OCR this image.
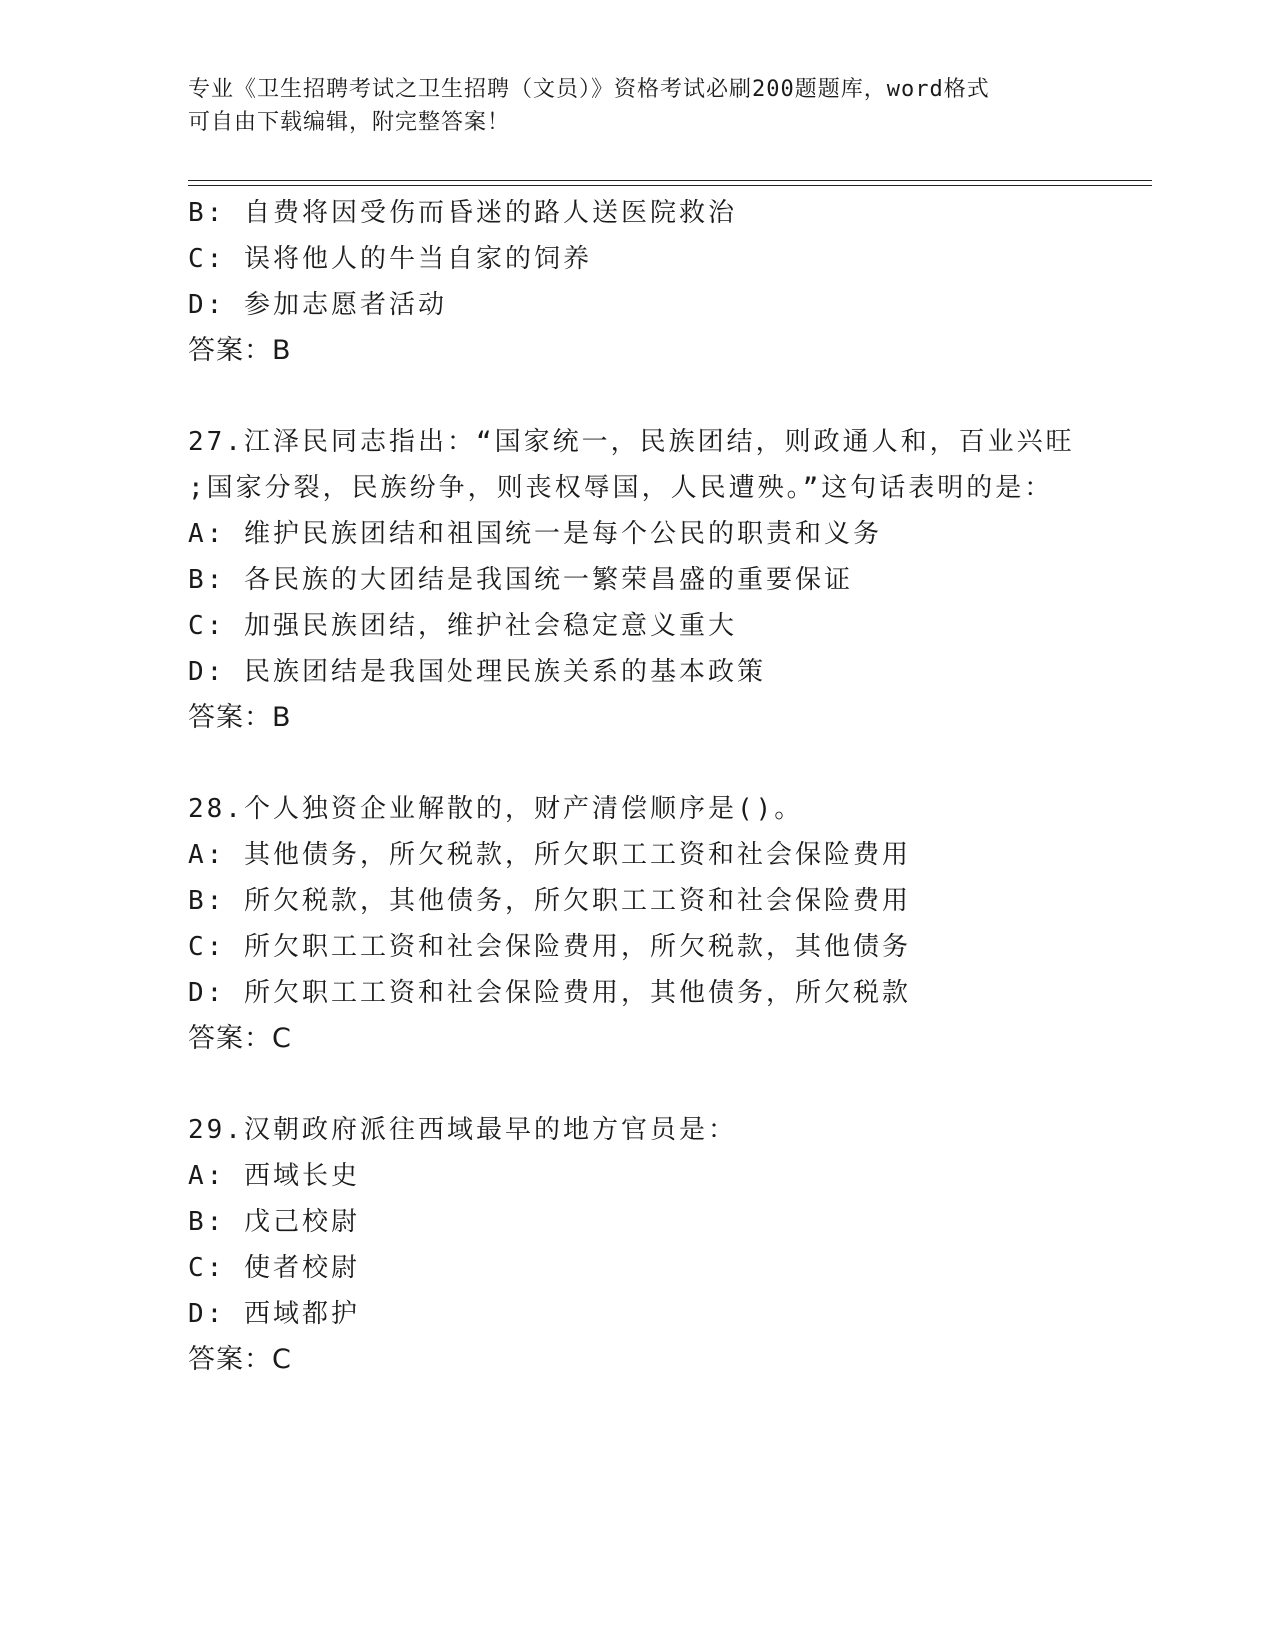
专业《卫生招聘考试之卫生招聘（文员）》资格考试必刷200题题库，word格式
可自由下载编辑，附完整答案！
B: 自费将因受伤而昏迷的路人送医院救治
C: 误将他人的牛当自家的饲养
D: 参加志愿者活动
答案：B
27.江泽民同志指出：“国家统一，民族团结，则政通人和，百业兴旺
;国家分裂，民族纷争，则丧权辱国，人民遭殃。”这句话表明的是：
A: 维护民族团结和祖国统一是每个公民的职责和义务
B: 各民族的大团结是我国统一繁荣昌盛的重要保证
C: 加强民族团结，维护社会稳定意义重大
D: 民族团结是我国处理民族关系的基本政策
答案：B
28.个人独资企业解散的，财产清偿顺序是()。
A: 其他债务，所欠税款，所欠职工工资和社会保险费用
B: 所欠税款，其他债务，所欠职工工资和社会保险费用
C: 所欠职工工资和社会保险费用，所欠税款，其他债务
D: 所欠职工工资和社会保险费用，其他债务，所欠税款
答案：C
29.汉朝政府派往西域最早的地方官员是：
A: 西域长史
B: 戊己校尉
C: 使者校尉
D: 西域都护
答案：C
